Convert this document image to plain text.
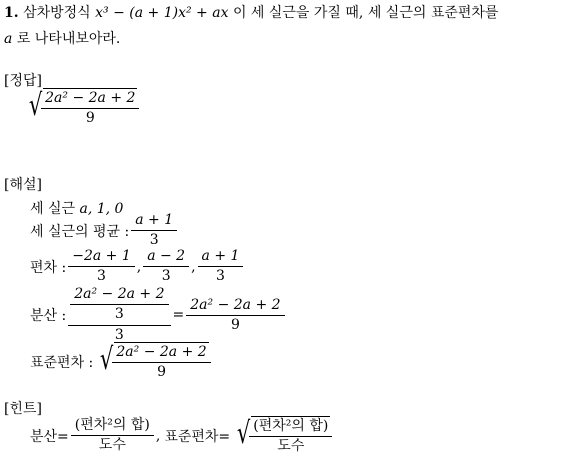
1. 삼차방정식 x³ − (a + 1)x² + ax 이 세 실근을 가질 때, 세 실근의 표준편차를
a 로 나타내보아라.
[정답]
√ $\frac{\text{2a² − 2a + 2}}{9}$
[해설]
세 실근 a, 1, 0
세 실근의 평균 : $\frac{a + 1}{3}$
편차 : $\frac{-2a + 1}{3}$ , $\frac{a - 2}{3}$ , $\frac{a + 1}{3}$
분산 : $\frac{\frac{\text{2a² − 2a + 2}}{3}}{3} = \frac{\text{2a² − 2a + 2}}{9}$
표준편차 : √ $\frac{\text{2a² − 2a + 2}}{9}$
[힌트]
분산= $\frac{\text{(편차²의 합)}}{\text{도수}}$ , 표준편차= √ $\frac{\text{(편차²의 합)}}{\text{도수}}$
